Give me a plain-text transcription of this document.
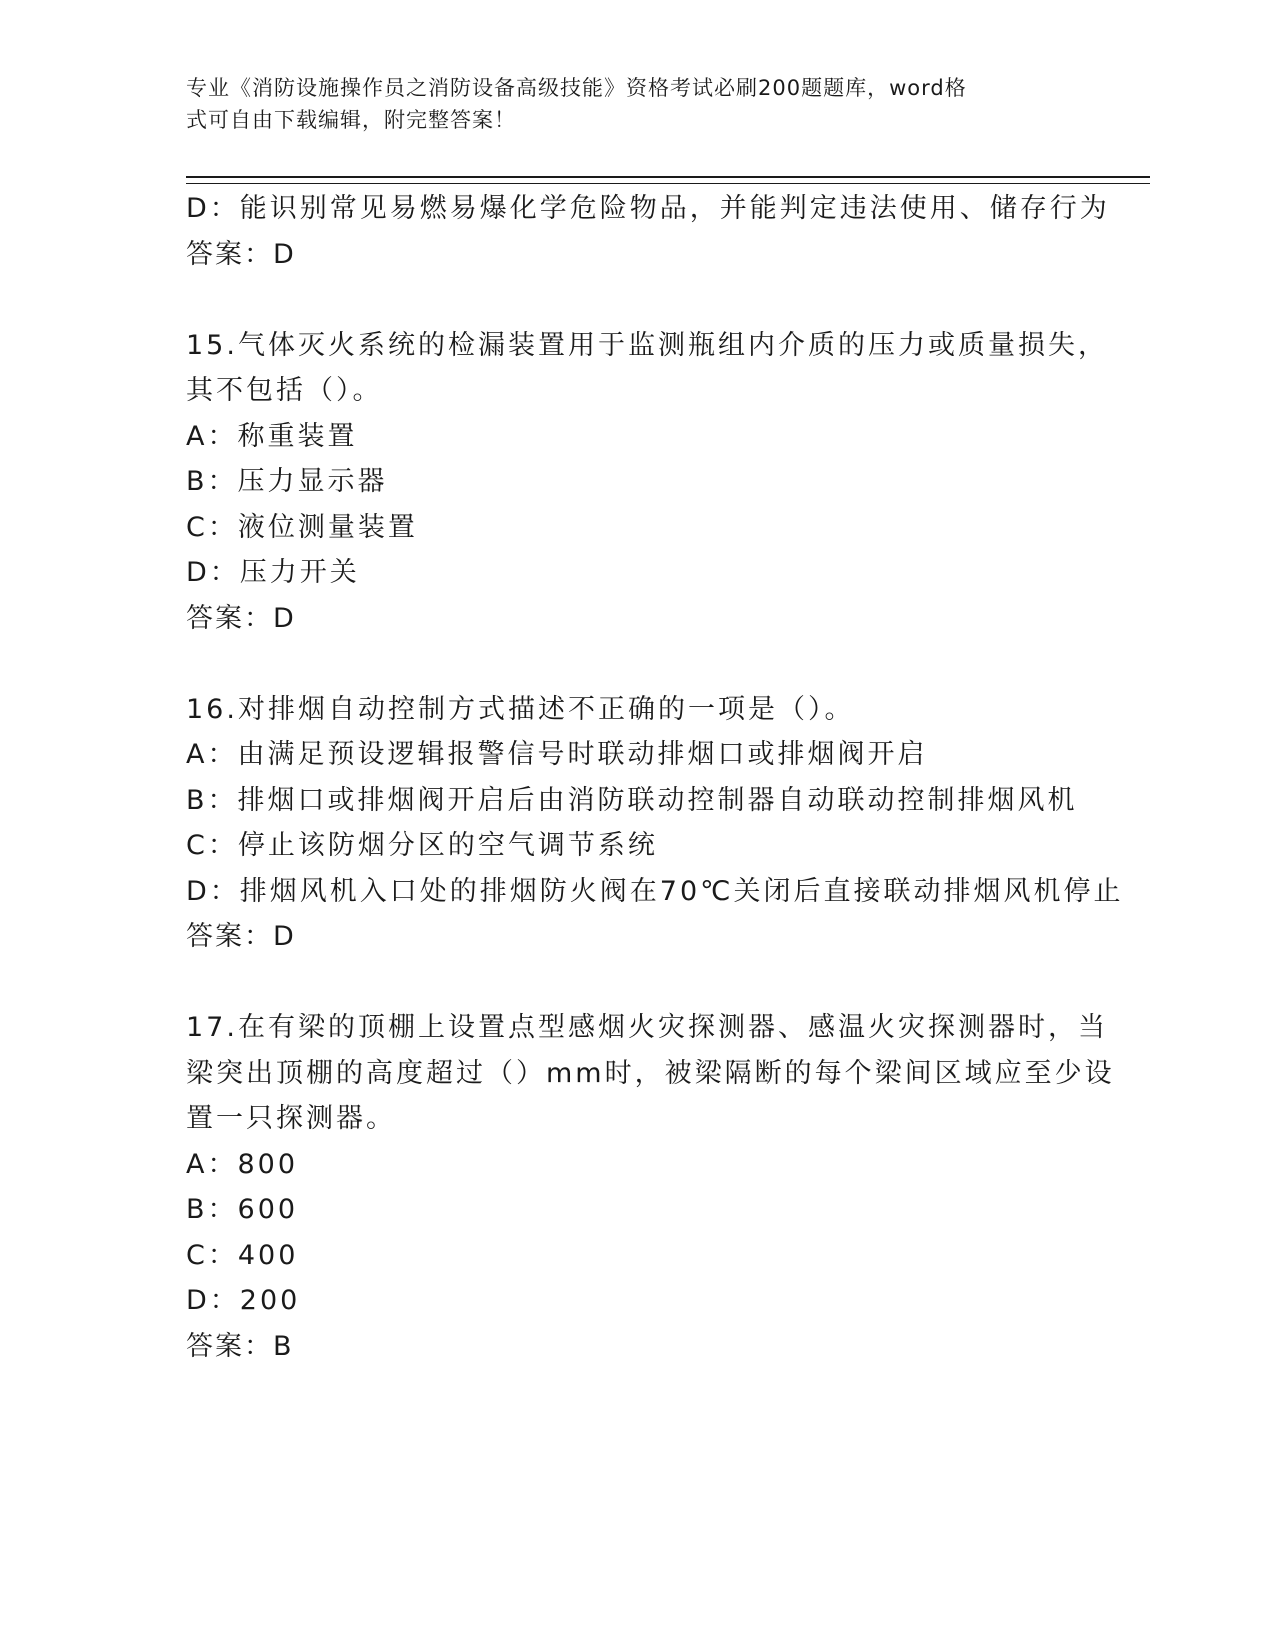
专业《消防设施操作员之消防设备高级技能》资格考试必刷200题题库，word格
式可自由下载编辑，附完整答案！
D：能识别常见易燃易爆化学危险物品，并能判定违法使用、储存行为
答案：D
15.气体灭火系统的检漏装置用于监测瓶组内介质的压力或质量损失，
其不包括（）。
A：称重装置
B：压力显示器
C：液位测量装置
D：压力开关
答案：D
16.对排烟自动控制方式描述不正确的一项是（）。
A：由满足预设逻辑报警信号时联动排烟口或排烟阀开启
B：排烟口或排烟阀开启后由消防联动控制器自动联动控制排烟风机
C：停止该防烟分区的空气调节系统
D：排烟风机入口处的排烟防火阀在70℃关闭后直接联动排烟风机停止
答案：D
17.在有梁的顶棚上设置点型感烟火灾探测器、感温火灾探测器时，当
梁突出顶棚的高度超过（）mm时，被梁隔断的每个梁间区域应至少设
置一只探测器。
A：800
B：600
C：400
D：200
答案：B
